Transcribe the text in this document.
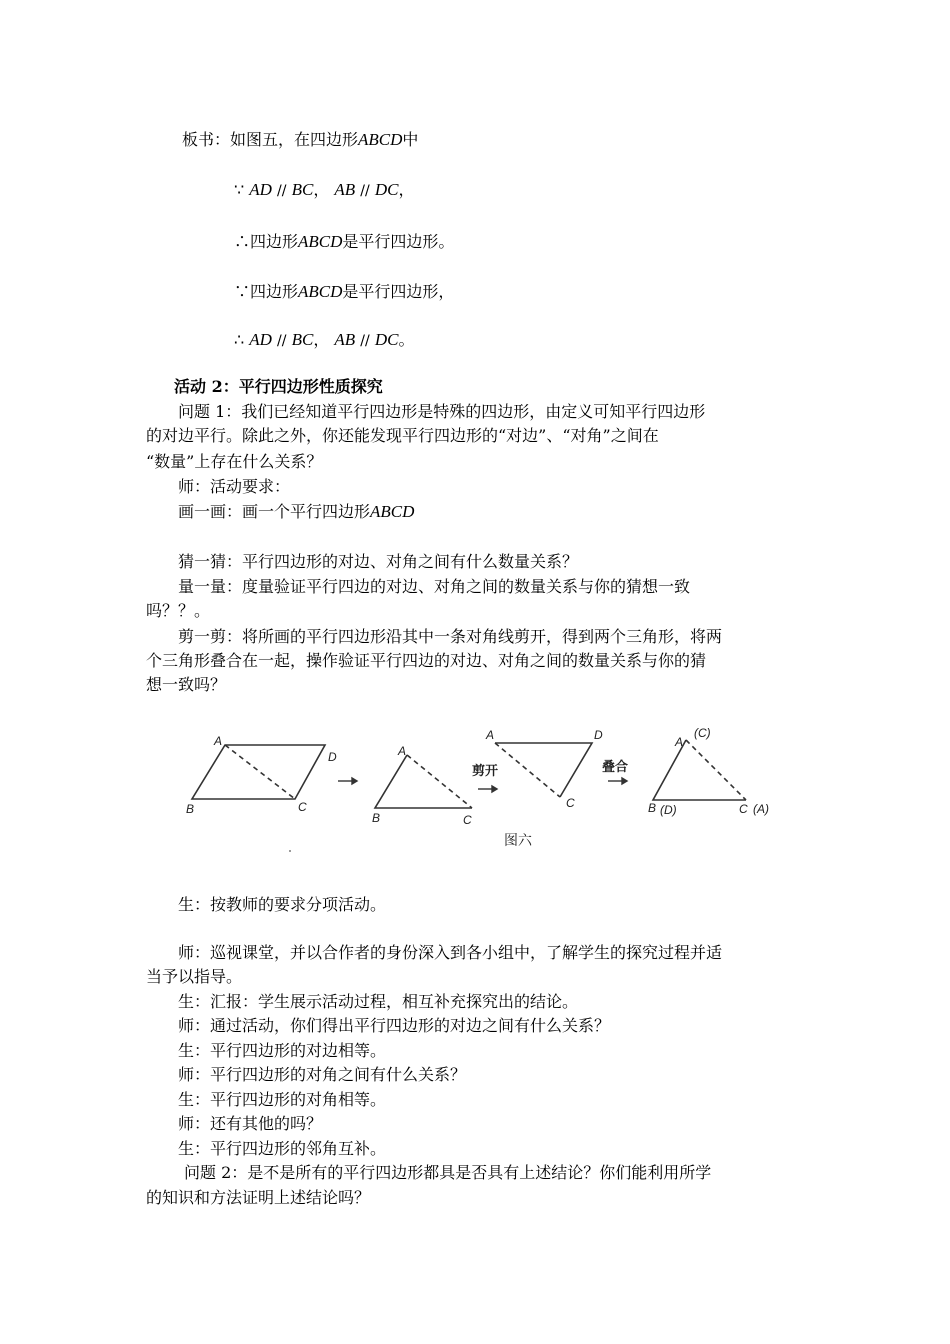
板书：如图五，在四边形ABCD中
∵ AD // BC， AB // DC，
∴四边形ABCD是平行四边形。
∵四边形ABCD是平行四边形，
∴ AD // BC， AB // DC。
活动 2：平行四边形性质探究
问题 1：我们已经知道平行四边形是特殊的四边形，由定义可知平行四边形
的对边平行。除此之外，你还能发现平行四边形的“对边”、“对角”之间在
“数量”上存在什么关系？
师：活动要求：
画一画：画一个平行四边形ABCD
猜一猜：平行四边形的对边、对角之间有什么数量关系？
量一量：度量验证平行四边的对边、对角之间的数量关系与你的猜想一致
吗？？。
剪一剪：将所画的平行四边形沿其中一条对角线剪开，得到两个三角形，将两
个三角形叠合在一起，操作验证平行四边的对边、对角之间的数量关系与你的猜
想一致吗？
A
D
B	C
A
B	C
A	D
C
A
(C)
B (D)	C (A)
剪开	叠合
图六
生：按教师的要求分项活动。
师：巡视课堂，并以合作者的身份深入到各小组中，了解学生的探究过程并适
当予以指导。
生：汇报：学生展示活动过程，相互补充探究出的结论。
师：通过活动，你们得出平行四边形的对边之间有什么关系？
生：平行四边形的对边相等。
师：平行四边形的对角之间有什么关系？
生：平行四边形的对角相等。
师：还有其他的吗？
生：平行四边形的邻角互补。
问题 2：是不是所有的平行四边形都具是否具有上述结论？你们能利用所学
的知识和方法证明上述结论吗？
